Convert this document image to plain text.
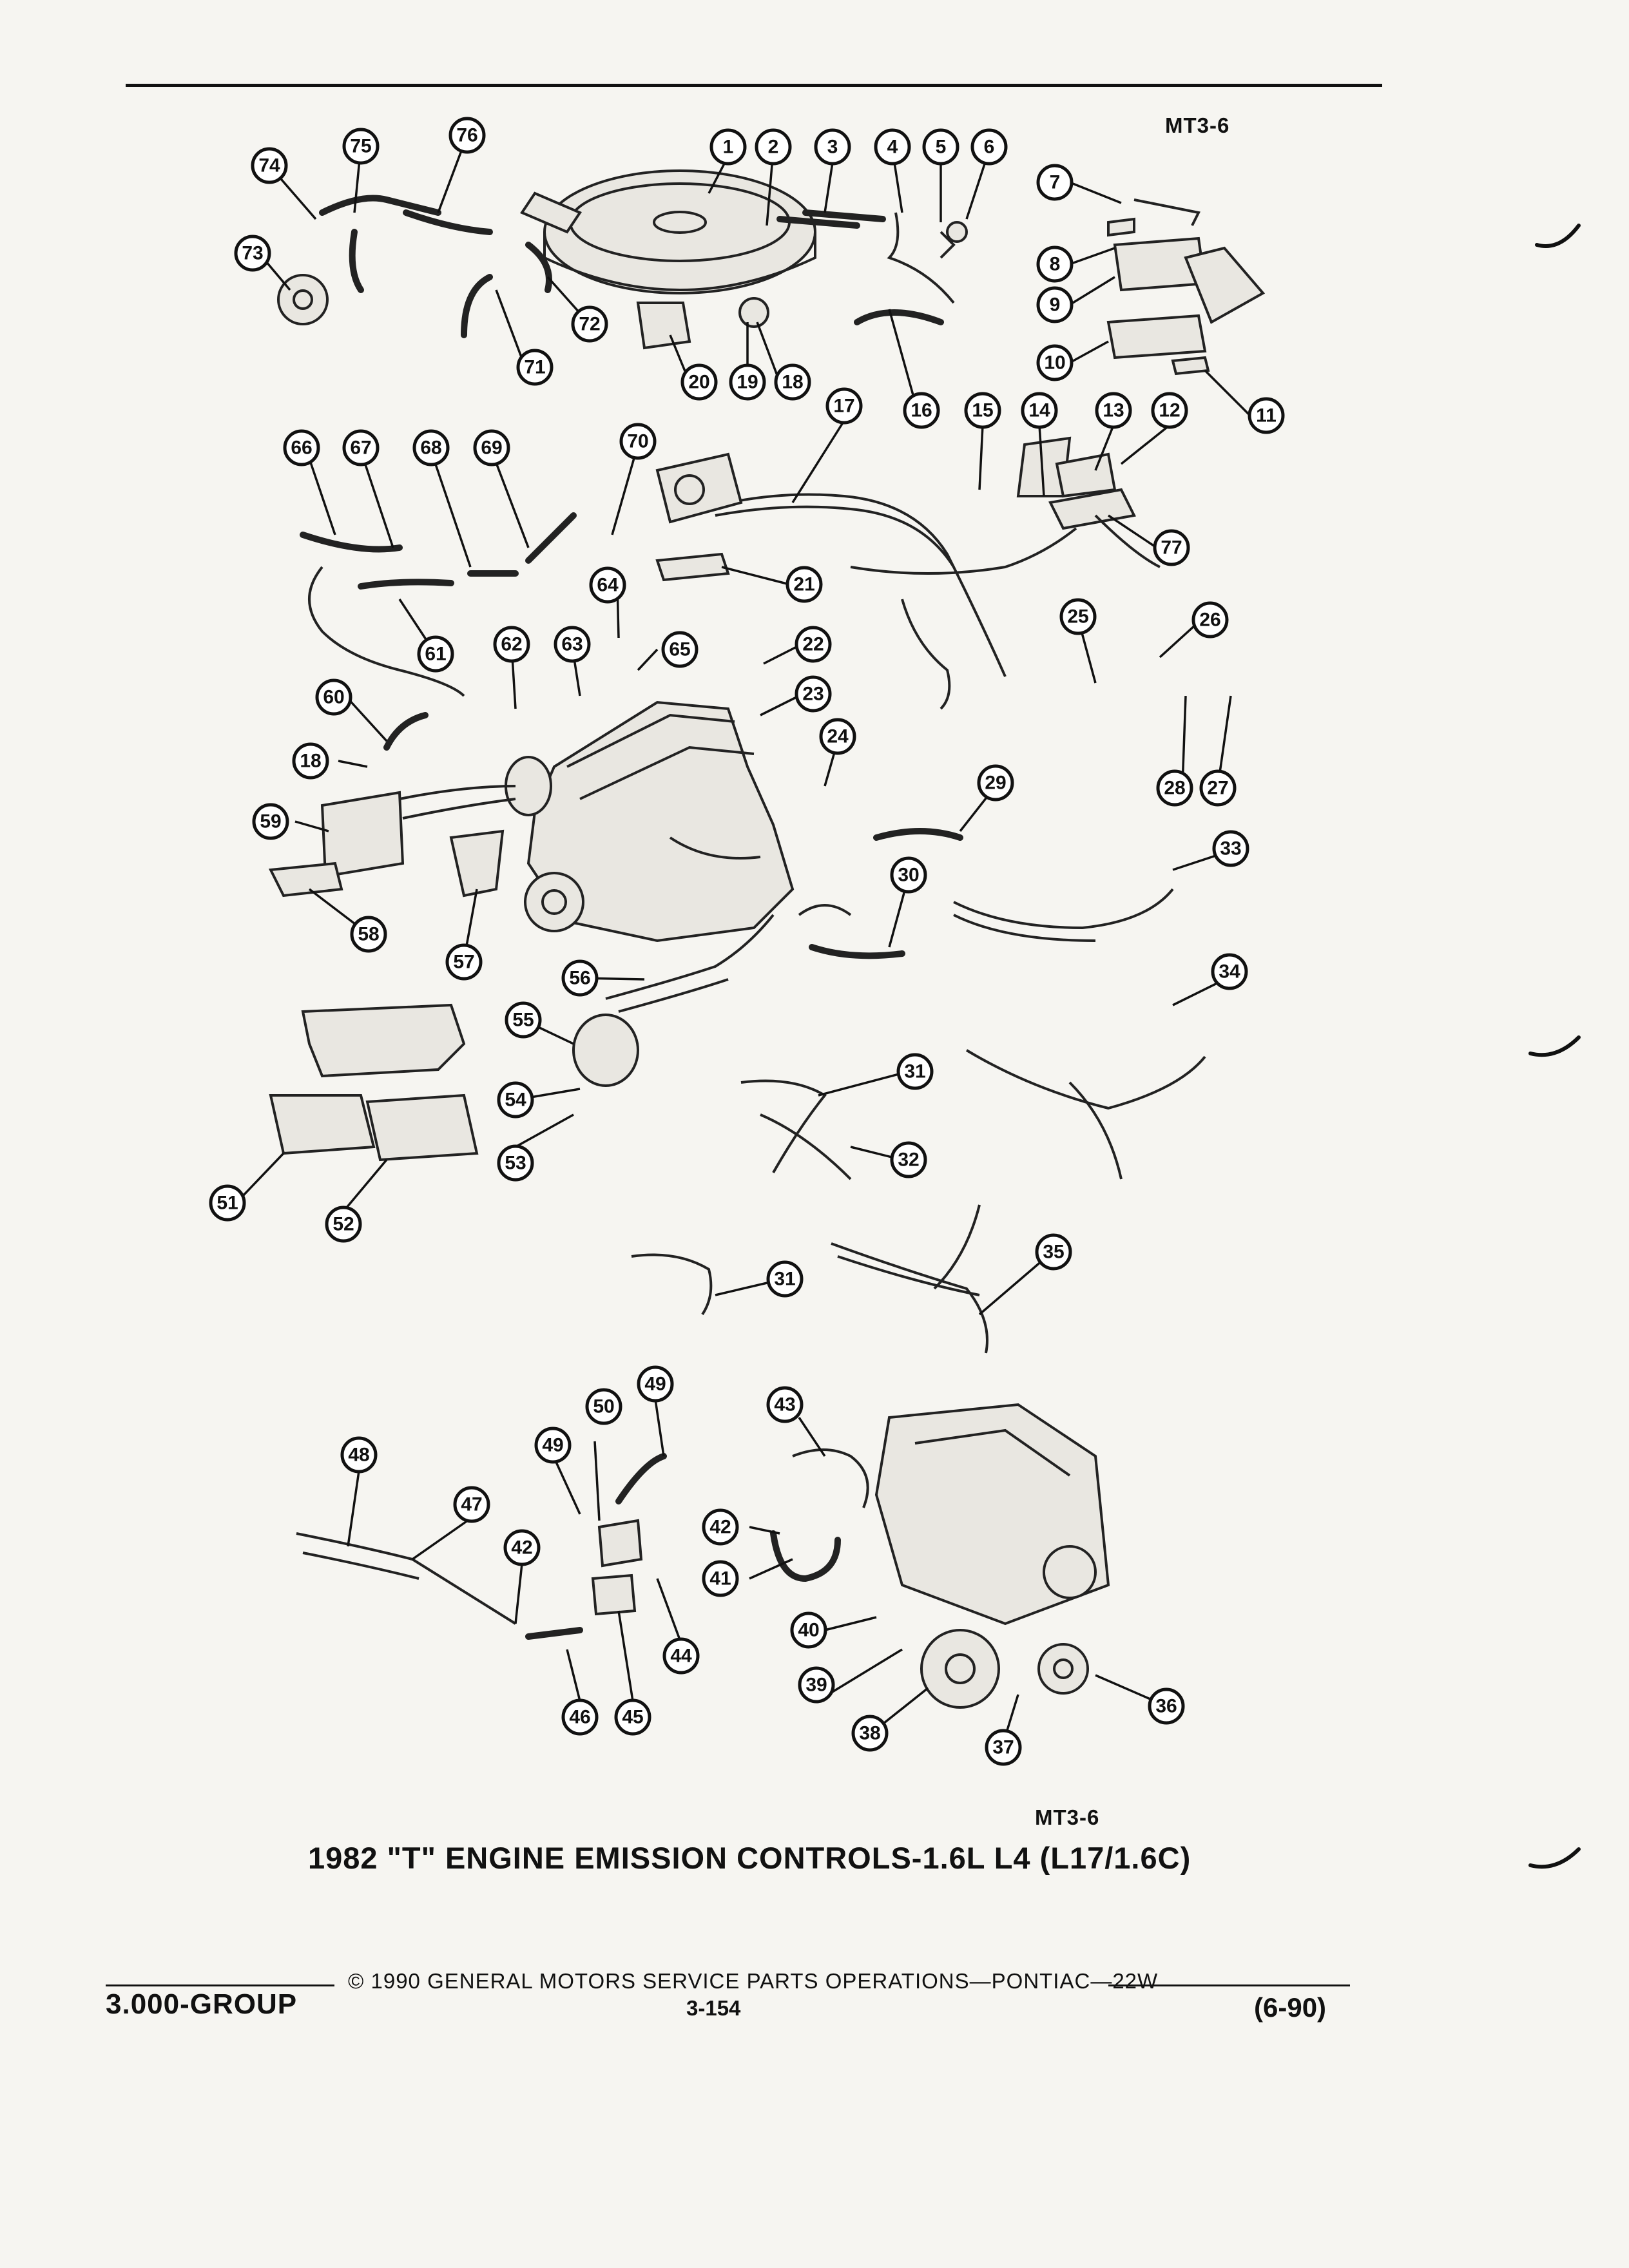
1 2	3	4 5 6
7
8
9
10
11
12
13
14
15
16
17
18
18
19
20
21
22
23
24
25	26
27
28
29
30
31
31
32
33
34
35
36
37
38
39
40
41
42
42
43
44
45
46
47
48
49
49
50
51
52
53
54
55
56
57
58
59
60
61	62 63
64
65
66 67	68 69	70
71
72
73
74
75
76
77
MT3-6
MT3-6
1982 "T" ENGINE EMISSION CONTROLS-1.6L L4 (L17/1.6C)
3.000-GROUP
© 1990 GENERAL MOTORS SERVICE PARTS OPERATIONS—PONTIAC—22W
3-154	(6-90)
